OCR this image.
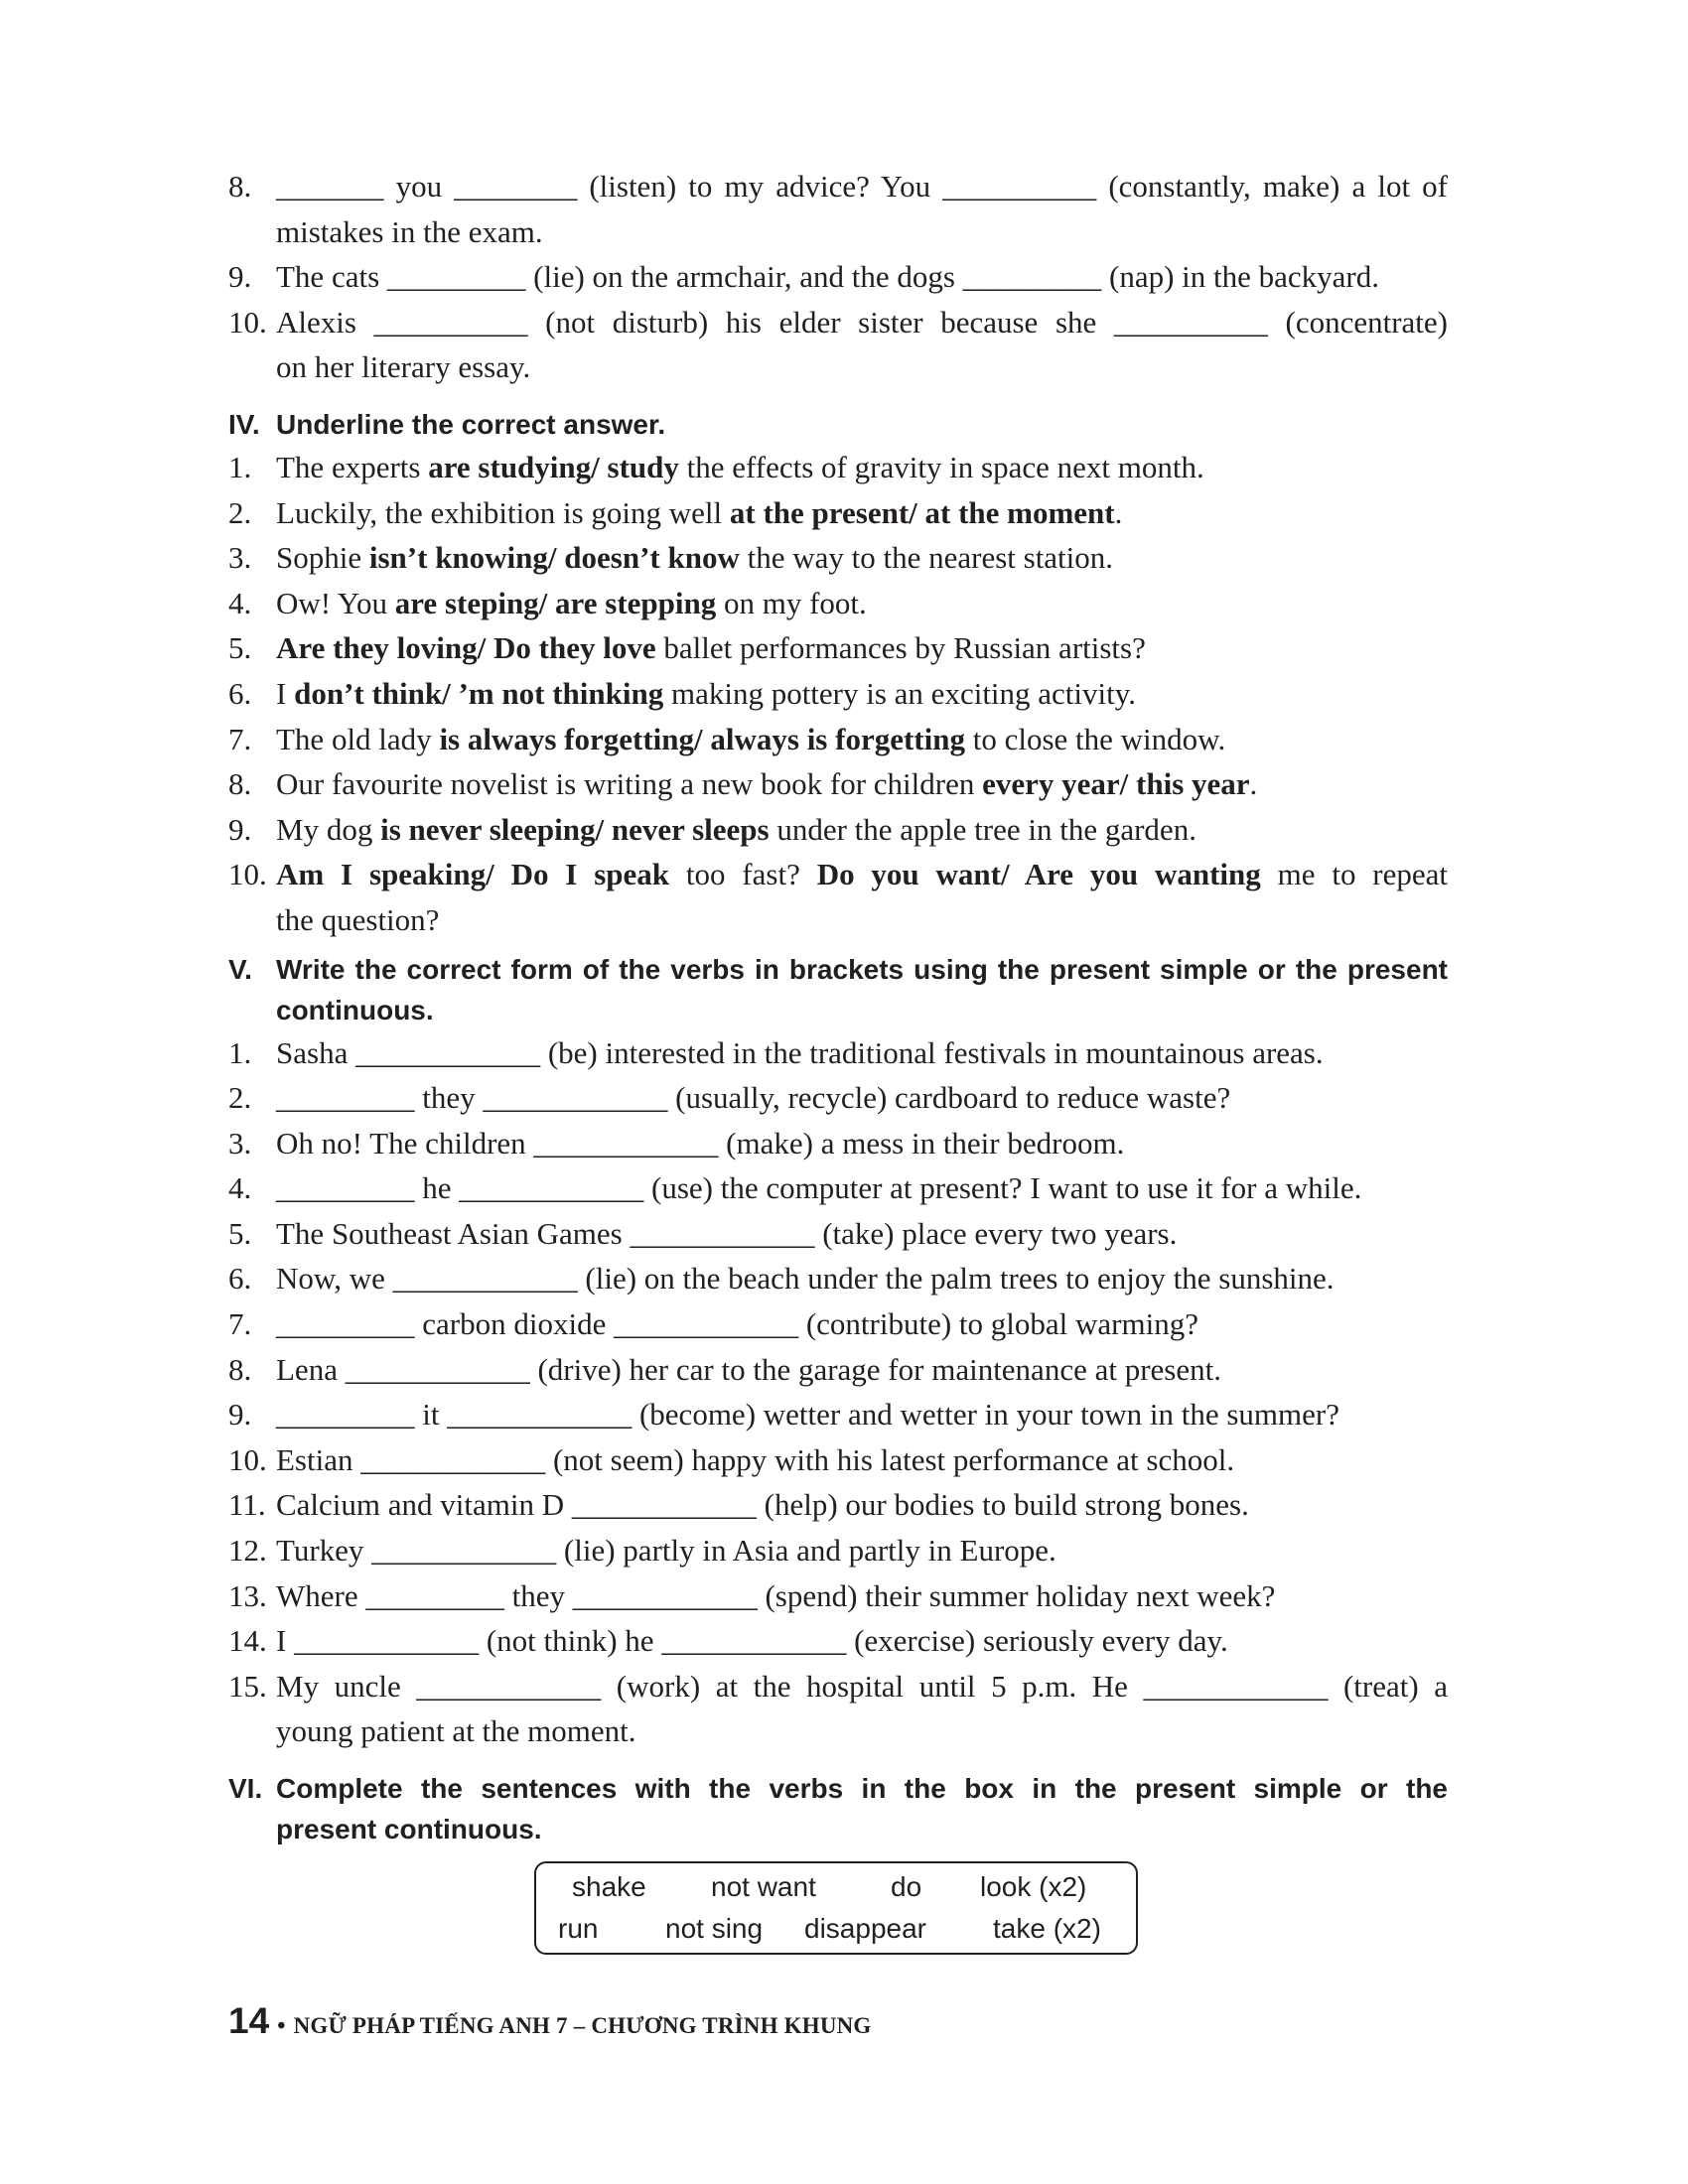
8. _______ you ________ (listen) to my advice? You __________ (constantly, make) a lot of
mistakes in the exam.
9. The cats _________ (lie) on the armchair, and the dogs _________ (nap) in the backyard.
10. Alexis __________ (not disturb) his elder sister because she __________ (concentrate)
on her literary essay.
IV. Underline the correct answer.
1. The experts are studying/ study the effects of gravity in space next month.
2. Luckily, the exhibition is going well at the present/ at the moment.
3. Sophie isn’t knowing/ doesn’t know the way to the nearest station.
4. Ow! You are steping/ are stepping on my foot.
5. Are they loving/ Do they love ballet performances by Russian artists?
6. I don’t think/ ’m not thinking making pottery is an exciting activity.
7. The old lady is always forgetting/ always is forgetting to close the window.
8. Our favourite novelist is writing a new book for children every year/ this year.
9. My dog is never sleeping/ never sleeps under the apple tree in the garden.
10. Am I speaking/ Do I speak too fast? Do you want/ Are you wanting me to repeat
the question?
V. Write the correct form of the verbs in brackets using the present simple or the present
continuous.
1. Sasha ____________ (be) interested in the traditional festivals in mountainous areas.
2. _________ they ____________ (usually, recycle) cardboard to reduce waste?
3. Oh no! The children ____________ (make) a mess in their bedroom.
4. _________ he ____________ (use) the computer at present? I want to use it for a while.
5. The Southeast Asian Games ____________ (take) place every two years.
6. Now, we ____________ (lie) on the beach under the palm trees to enjoy the sunshine.
7. _________ carbon dioxide ____________ (contribute) to global warming?
8. Lena ____________ (drive) her car to the garage for maintenance at present.
9. _________ it ____________ (become) wetter and wetter in your town in the summer?
10. Estian ____________ (not seem) happy with his latest performance at school.
11. Calcium and vitamin D ____________ (help) our bodies to build strong bones.
12. Turkey ____________ (lie) partly in Asia and partly in Europe.
13. Where _________ they ____________ (spend) their summer holiday next week?
14. I ____________ (not think) he ____________ (exercise) seriously every day.
15. My uncle ____________ (work) at the hospital until 5 p.m. He ____________ (treat) a
young patient at the moment.
VI. Complete the sentences with the verbs in the box in the present simple or the
present continuous.
shake not want	do look (x2)
run not sing disappear take (x2)
14 • NGỮ PHÁP TIẾNG ANH 7 – CHƯƠNG TRÌNH KHUNG
